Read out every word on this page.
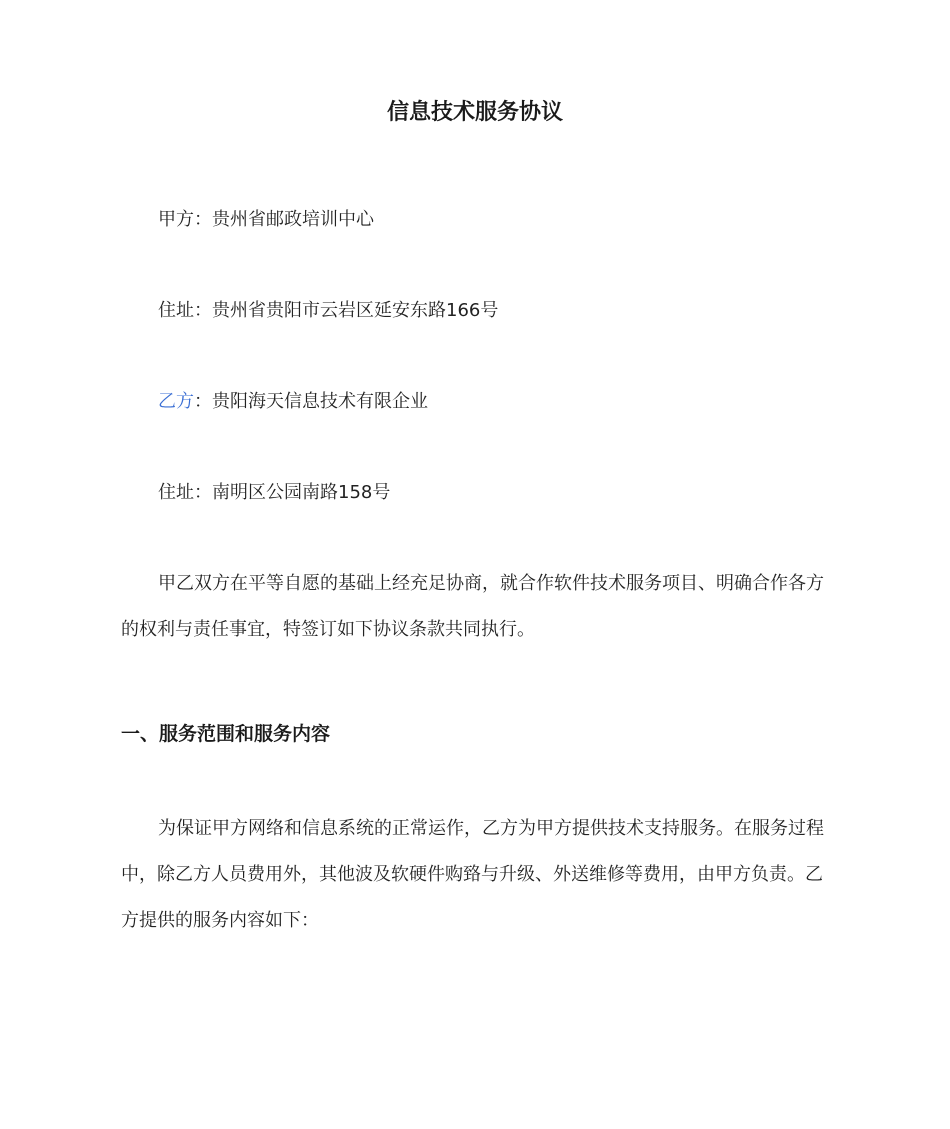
信息技术服务协议
甲方：贵州省邮政培训中心
住址：贵州省贵阳市云岩区延安东路166号
乙方：贵阳海天信息技术有限企业
住址：南明区公园南路158号
甲乙双方在平等自愿的基础上经充足协商，就合作软件技术服务项目、明确合作各方的权利与责任事宜，特签订如下协议条款共同执行。
一、服务范围和服务内容
为保证甲方网络和信息系统的正常运作，乙方为甲方提供技术支持服务。在服务过程中，除乙方人员费用外，其他波及软硬件购臵与升级、外送维修等费用，由甲方负责。乙方提供的服务内容如下：
